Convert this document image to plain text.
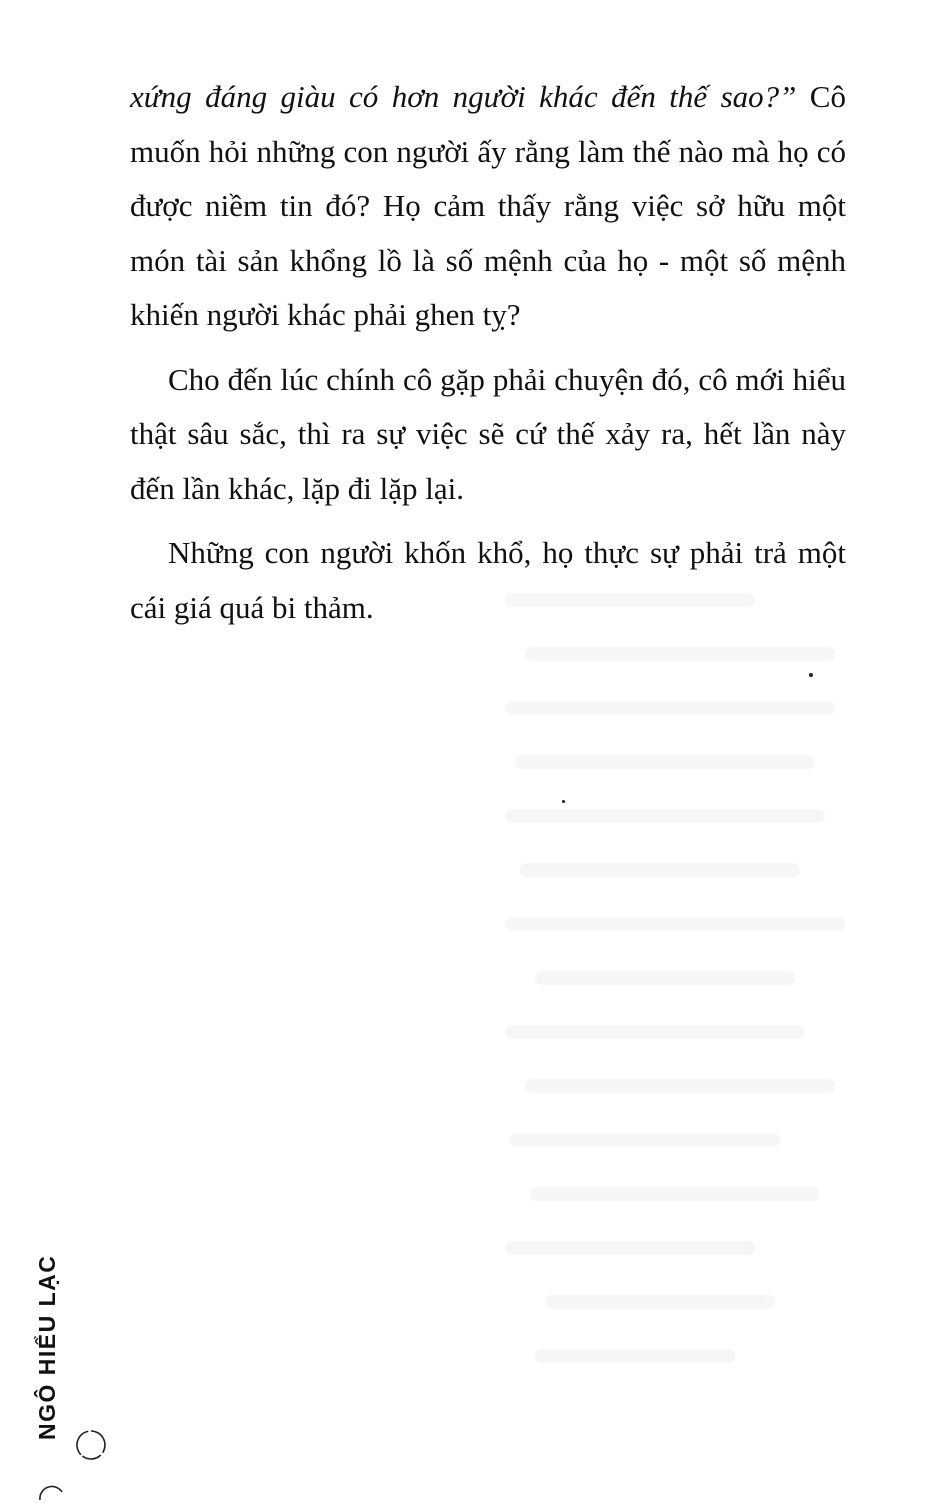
xứng đáng giàu có hơn người khác đến thế sao?” Cô muốn hỏi những con người ấy rằng làm thế nào mà họ có được niềm tin đó? Họ cảm thấy rằng việc sở hữu một món tài sản khổng lồ là số mệnh của họ - một số mệnh khiến người khác phải ghen tỵ?

Cho đến lúc chính cô gặp phải chuyện đó, cô mới hiểu thật sâu sắc, thì ra sự việc sẽ cứ thế xảy ra, hết lần này đến lần khác, lặp đi lặp lại.

Những con người khốn khổ, họ thực sự phải trả một cái giá quá bi thảm.

NGÔ HIỂU LẠC
